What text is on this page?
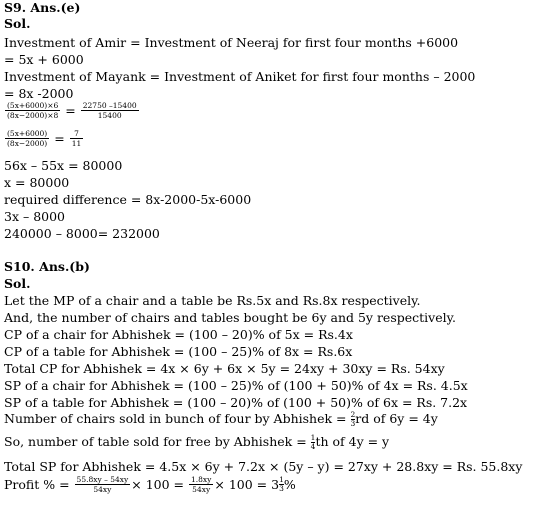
S9. Ans.(e)
Sol.
Investment of Amir = Investment of Neeraj for first four months +6000
= 5x + 6000
Investment of Mayank = Investment of Aniket for first four months – 2000
= 8x -2000
$\frac{(5x+6000)\times 6}{(8x-2000)\times 8} = \frac{22750 -15400}{15400}$
$\frac{(5x+6000)}{(8x-2000)} = \frac{7}{11}$
56x – 55x = 80000
x = 80000
required difference = 8x-2000-5x-6000
3x – 8000
240000 – 8000= 232000
S10. Ans.(b)
Sol.
Let the MP of a chair and a table be Rs.5x and Rs.8x respectively.
And, the number of chairs and tables bought be 6y and 5y respectively.
CP of a chair for Abhishek = (100 – 20)% of 5x = Rs.4x
CP of a table for Abhishek = (100 – 25)% of 8x = Rs.6x
Total CP for Abhishek = 4x × 6y + 6x × 5y = 24xy + 30xy = Rs. 54xy
SP of a chair for Abhishek = (100 – 25)% of (100 + 50)% of 4x = Rs. 4.5x
SP of a table for Abhishek = (100 – 20)% of (100 + 50)% of 6x = Rs. 7.2x
Number of chairs sold in bunch of four by Abhishek = $\frac{2}{3}$ rd of 6y = 4y
So, number of table sold for free by Abhishek = $\frac{1}{4}$ th of 4y = y
Total SP for Abhishek = 4.5x × 6y + 7.2x × (5y – y) = 27xy + 28.8xy = Rs. 55.8xy
Profit % = $\frac{55.8xy - 54xy}{54xy} \times 100 = \frac{1.8xy}{54xy} \times 100 = 3 \frac{1}{3}$ %
